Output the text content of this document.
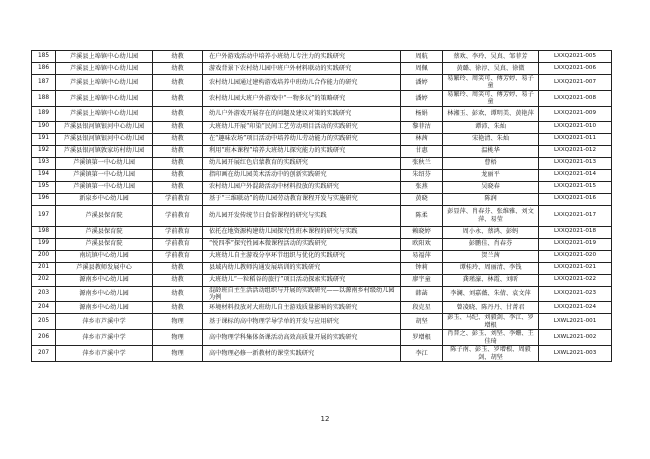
185	芦溪县上埠镇中心幼儿园	幼教	在户外游戏活动中培养小班幼儿专注力的实践研究	周航	蔡欢、李玲、吴真、邹菲芳	LXXQ2021-005
186	芦溪县上埠镇中心幼儿园	幼教	游戏背景下农村幼儿园中班户外材料联动的实践研究	周佩	黄璐、徐淳、吴真、徐微	LXXQ2021-006
187	芦溪县上埠镇中心幼儿园	幼教	农村幼儿园通过建构游戏培养中班幼儿合作能力的研究	潘婷	易繁玲、周笑可、傅芳婷、易子童	LXXQ2021-007
188	芦溪县上埠镇中心幼儿园	幼教	农村幼儿园大班户外游戏中“一物多玩”的策略研究	潘婷	易繁玲、周笑可、傅芳婷、易子童	LXXQ2021-008
189	芦溪县上埠镇中心幼儿园	幼教	幼儿户外游戏开展存在的问题及建议对策的实践研究	杨娟	林湘玉、彭欢、谭明美、黄艳萍	LXXQ2021-009
190	芦溪县银河镇银河中心幼儿园	幼教	大班幼儿开展“印染”民间工艺劳动项目活动的实践研究	黎菲沽	谭沛、朱灿	LXXQ2021-010
191	芦溪县银河镇银河中心幼儿园	幼教	在“趣味农场”项目活动中培养幼儿劳动能力的实践研究	林茜	宋艳清、朱灿	LXXQ2021-011
192	芦溪县银河镇敦家坊村幼儿园	幼教	利用“班本课程”培养大班幼儿探究能力的实践研究	甘惠	温桃华	LXXQ2021-012
193	芦溪镇第一中心幼儿园	幼教	幼儿园开展红色启蒙教育的实践研究	张秋兰	曹梧	LXXQ2021-013
194	芦溪镇第一中心幼儿园	幼教	指印画在幼儿园美术活动中的创新实践研究	朱绍芬	龙丽平	LXXQ2021-014
195	芦溪镇第一中心幼儿园	幼教	农村幼儿园户外混龄活动中材料投放的实践研究	张燕	吴晓春	LXXQ2021-015
196	新泉乡中心幼儿园	学前教育	基于“三维联动”的幼儿园劳动教育课程开发与实施研究	黄晓	陈润	LXXQ2021-016
197	芦溪县保育院	学前教育	幼儿园开发传统节日食俗课程的研究与实践	陈柔	彭显萍、肖春芬、张维雅、刘文萍、易莹	LXXQ2021-017
198	芦溪县保育院	学前教育	依托在地资源构建幼儿园探究性班本课程的研究与实践	赖晓婷	周小永、蔡鸿、彭蚂	LXXQ2021-018
199	芦溪县保育院	学前教育	“悦四季”探究性园本微课程活动的实践研究	欧阳欢	彭鹏佳、肖春芬	LXXQ2021-019
200	南坑镇中心幼儿园	学前教育	大班幼儿自主游戏分享环节组织与优化的实践研究	易福萍	贺兰茜	LXXQ2021-020
201	芦溪县教师发展中心	幼教	县域内幼儿教师沟通发展培训的实践研究	钟莉	谭桂玲、周丽清、李钱	LXXQ2021-021
202	源南乡中心幼儿园	幼教	大班幼儿“一粒稻谷的旅行”项目活动探索实践研究	廖宇童	龚瑾濠、林霞、刘昕	LXXQ2021-022
203	源南乡中心幼儿园	幼教	混龄班自主生活活动组织与开展的实践研究——以源南乡村级幼儿园为例	韩菡	李澜、刘嘉薇、朱倩、袁文萍	LXXQ2021-023
204	源南乡中心幼儿园	幼教	环境材料投放对大班幼儿自主游戏质量影响的实践研究	段克星	曾凌晓、陈丹丹、甘菁君	LXXQ2021-024
205	萍乡市芦溪中学	物理	基于课标的高中物理学导学单的开发与应用研究	胡坚	彭玉、马纪、刘毅剑、李江、罗增根	LXWL2021-001
206	萍乡市芦溪中学	物理	高中物理学科集体备课活动高效高质量开展的实践研究	罗增根	肖普之、彭玉、刘坚、李姗、王佳琦	LXWL2021-002
207	萍乡市芦溪中学	物理	高中物理必修一新教材的课堂实践研究	李江	陈子南、彭玉、罗增根、周毅剑、胡坚	LXWL2021-003
12
